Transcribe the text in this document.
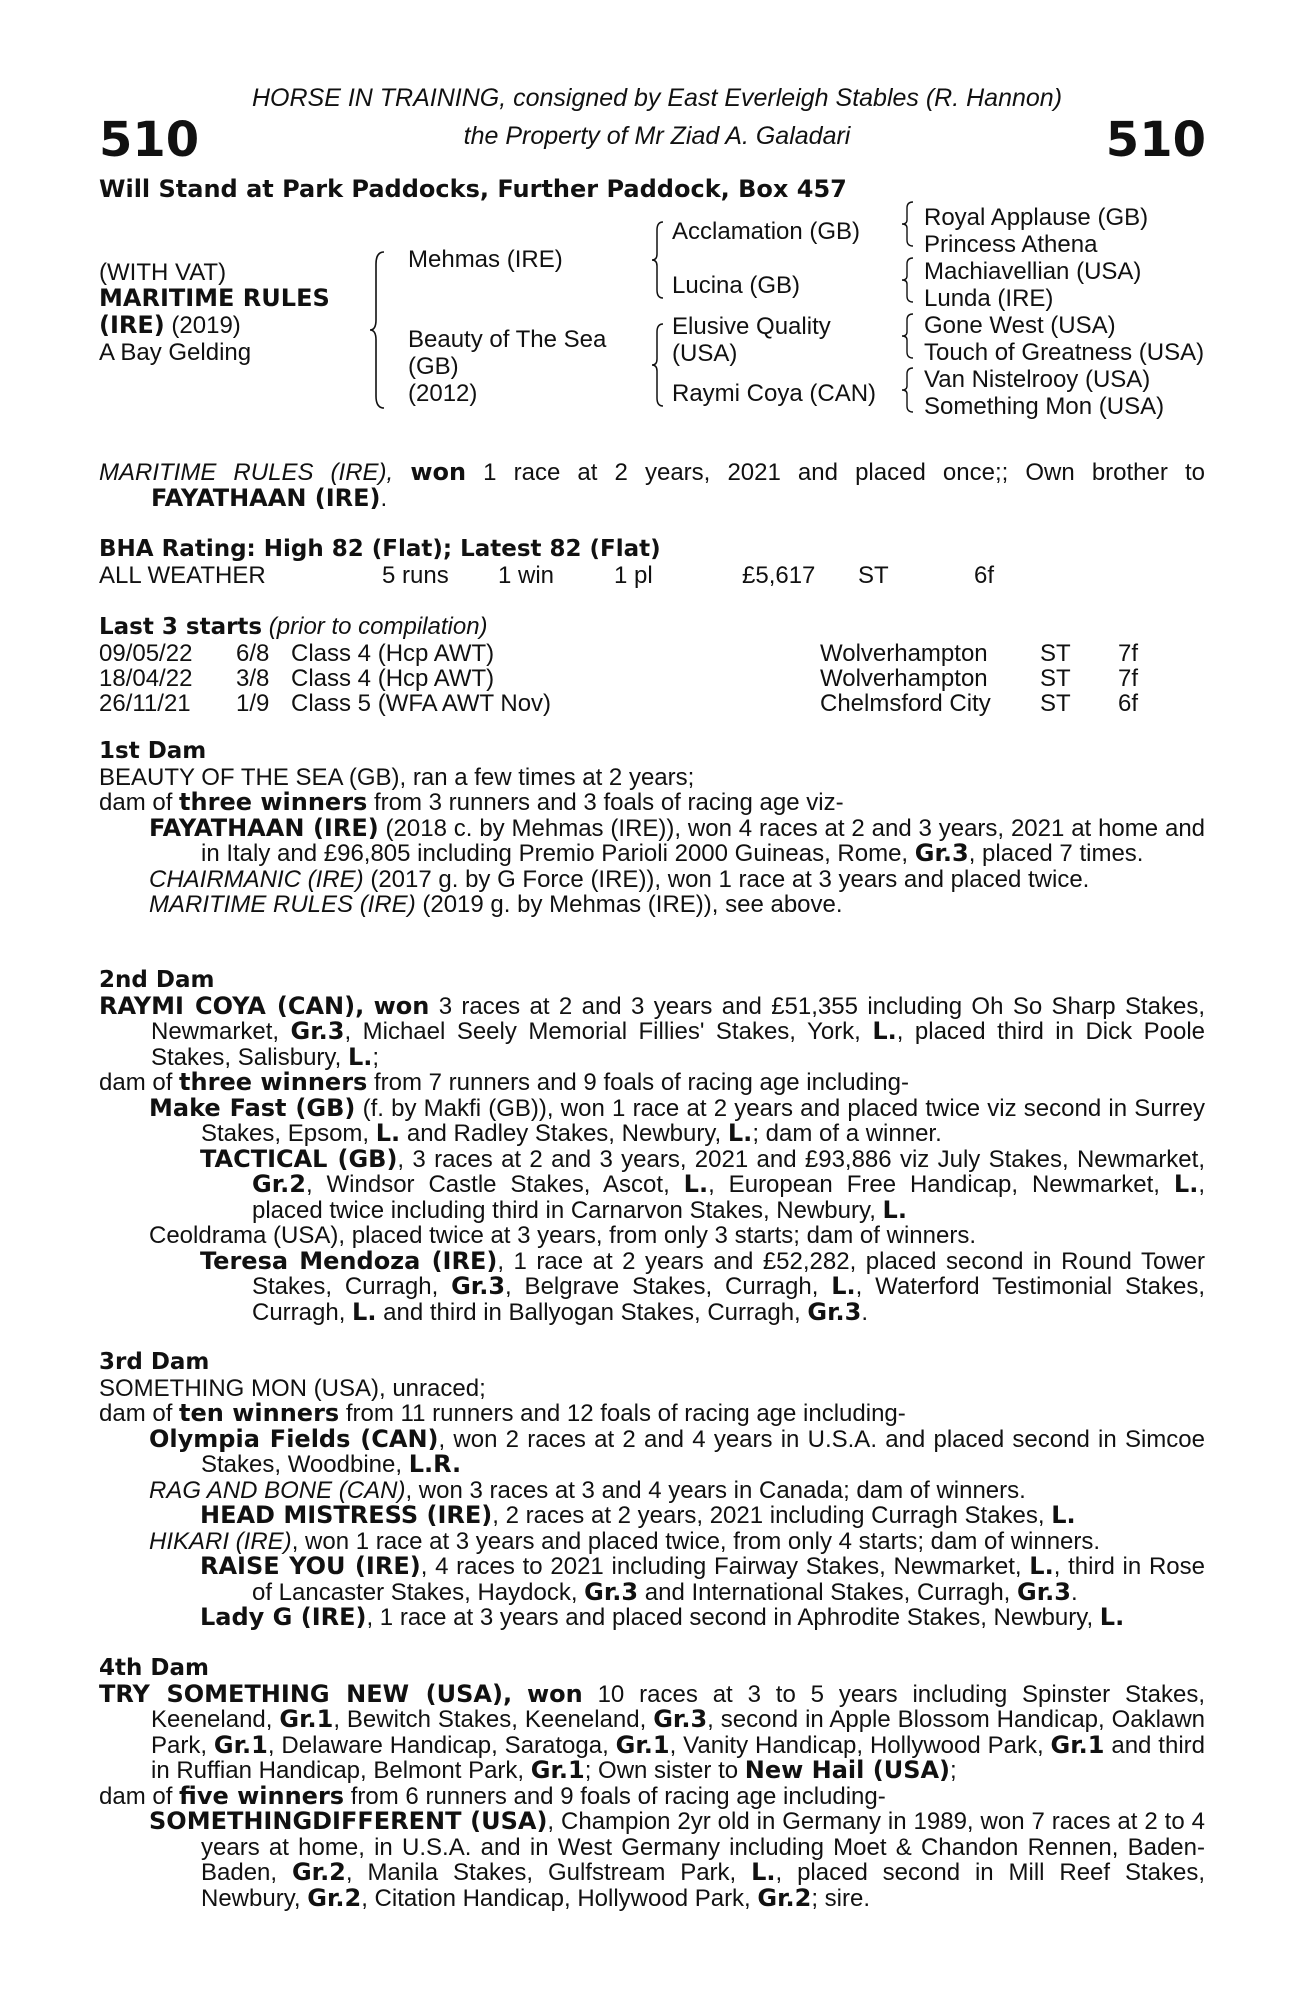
HORSE IN TRAINING, consigned by East Everleigh Stables (R. Hannon)
the Property of Mr Ziad A. Galadari
510	510
Will Stand at Park Paddocks, Further Paddock, Box 457
(WITH VAT)
MARITIME RULES
(IRE) (2019)
A Bay Gelding
Mehmas (IRE)
Beauty of The Sea
(GB)
(2012)
Acclamation (GB)
Lucina (GB)
Elusive Quality
(USA)
Raymi Coya (CAN)
Royal Applause (GB)
Princess Athena
Machiavellian (USA)
Lunda (IRE)
Gone West (USA)
Touch of Greatness (USA)
Van Nistelrooy (USA)
Something Mon (USA)

MARITIME RULES (IRE), won 1 race at 2 years, 2021 and placed once;; Own brother to FAYATHAAN (IRE).

BHA Rating: High 82 (Flat); Latest 82 (Flat)
ALL WEATHER	5 runs 1 win 1 pl	£5,617 ST	6f
Last 3 starts (prior to compilation)
09/05/22 6/8 Class 4 (Hcp AWT)	Wolverhampton ST 7f
18/04/22 3/8 Class 4 (Hcp AWT)	Wolverhampton ST 7f
26/11/21 1/9 Class 5 (WFA AWT Nov)	Chelmsford City ST 6f
1st Dam

BEAUTY OF THE SEA (GB), ran a few times at 2 years;

dam of three winners from 3 runners and 3 foals of racing age viz-

FAYATHAAN (IRE) (2018 c. by Mehmas (IRE)), won 4 races at 2 and 3 years, 2021 at home and in Italy and £96,805 including Premio Parioli 2000 Guineas, Rome, Gr.3, placed 7 times.

CHAIRMANIC (IRE) (2017 g. by G Force (IRE)), won 1 race at 3 years and placed twice.

MARITIME RULES (IRE) (2019 g. by Mehmas (IRE)), see above.

2nd Dam

RAYMI COYA (CAN), won 3 races at 2 and 3 years and £51,355 including Oh So Sharp Stakes, Newmarket, Gr.3, Michael Seely Memorial Fillies' Stakes, York, L., placed third in Dick Poole Stakes, Salisbury, L.;

dam of three winners from 7 runners and 9 foals of racing age including-

Make Fast (GB) (f. by Makfi (GB)), won 1 race at 2 years and placed twice viz second in Surrey Stakes, Epsom, L. and Radley Stakes, Newbury, L.; dam of a winner.

TACTICAL (GB), 3 races at 2 and 3 years, 2021 and £93,886 viz July Stakes, Newmarket, Gr.2, Windsor Castle Stakes, Ascot, L., European Free Handicap, Newmarket, L., placed twice including third in Carnarvon Stakes, Newbury, L.

Ceoldrama (USA), placed twice at 3 years, from only 3 starts; dam of winners.

Teresa Mendoza (IRE), 1 race at 2 years and £52,282, placed second in Round Tower Stakes, Curragh, Gr.3, Belgrave Stakes, Curragh, L., Waterford Testimonial Stakes, Curragh, L. and third in Ballyogan Stakes, Curragh, Gr.3.

3rd Dam

SOMETHING MON (USA), unraced;

dam of ten winners from 11 runners and 12 foals of racing age including-

Olympia Fields (CAN), won 2 races at 2 and 4 years in U.S.A. and placed second in Simcoe Stakes, Woodbine, L.R.

RAG AND BONE (CAN), won 3 races at 3 and 4 years in Canada; dam of winners.

HEAD MISTRESS (IRE), 2 races at 2 years, 2021 including Curragh Stakes, L.

HIKARI (IRE), won 1 race at 3 years and placed twice, from only 4 starts; dam of winners.

RAISE YOU (IRE), 4 races to 2021 including Fairway Stakes, Newmarket, L., third in Rose of Lancaster Stakes, Haydock, Gr.3 and International Stakes, Curragh, Gr.3.

Lady G (IRE), 1 race at 3 years and placed second in Aphrodite Stakes, Newbury, L.

4th Dam

TRY SOMETHING NEW (USA), won 10 races at 3 to 5 years including Spinster Stakes, Keeneland, Gr.1, Bewitch Stakes, Keeneland, Gr.3, second in Apple Blossom Handicap, Oaklawn Park, Gr.1, Delaware Handicap, Saratoga, Gr.1, Vanity Handicap, Hollywood Park, Gr.1 and third in Ruffian Handicap, Belmont Park, Gr.1; Own sister to New Hail (USA);

dam of five winners from 6 runners and 9 foals of racing age including-

SOMETHINGDIFFERENT (USA), Champion 2yr old in Germany in 1989, won 7 races at 2 to 4 years at home, in U.S.A. and in West Germany including Moet & Chandon Rennen, Baden-Baden, Gr.2, Manila Stakes, Gulfstream Park, L., placed second in Mill Reef Stakes, Newbury, Gr.2, Citation Handicap, Hollywood Park, Gr.2; sire.
